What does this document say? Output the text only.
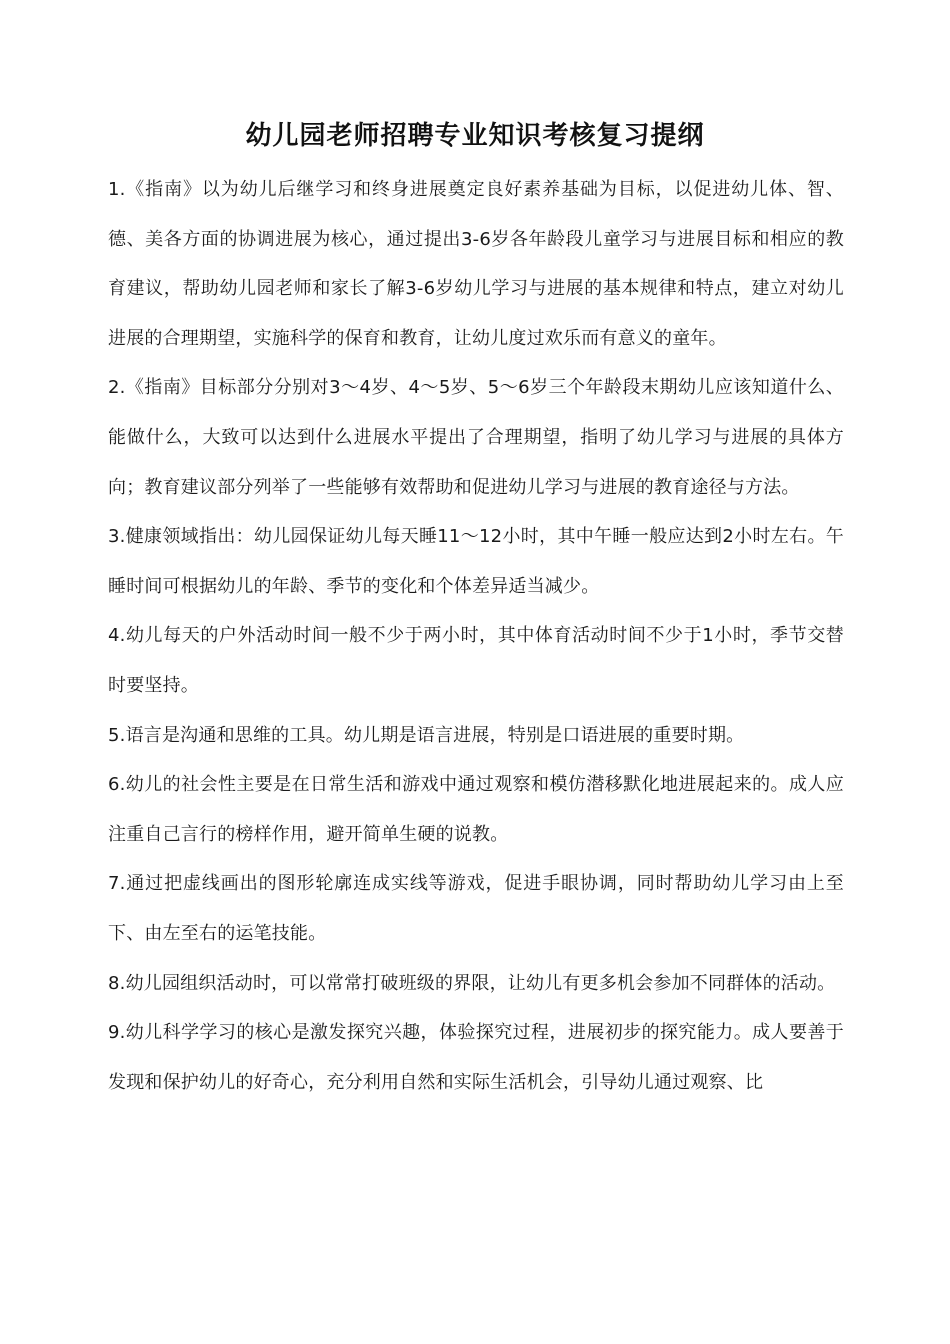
幼儿园老师招聘专业知识考核复习提纲

1.《指南》以为幼儿后继学习和终身进展奠定良好素养基础为目标，以促进幼儿体、智、德、美各方面的协调进展为核心，通过提出3-6岁各年龄段儿童学习与进展目标和相应的教育建议，帮助幼儿园老师和家长了解3-6岁幼儿学习与进展的基本规律和特点，建立对幼儿进展的合理期望，实施科学的保育和教育，让幼儿度过欢乐而有意义的童年。

2.《指南》目标部分分别对3～4岁、4～5岁、5～6岁三个年龄段末期幼儿应该知道什么、能做什么，大致可以达到什么进展水平提出了合理期望，指明了幼儿学习与进展的具体方向；教育建议部分列举了一些能够有效帮助和促进幼儿学习与进展的教育途径与方法。

3.健康领域指出：幼儿园保证幼儿每天睡11～12小时，其中午睡一般应达到2小时左右。午睡时间可根据幼儿的年龄、季节的变化和个体差异适当减少。

4.幼儿每天的户外活动时间一般不少于两小时，其中体育活动时间不少于1小时，季节交替时要坚持。

5.语言是沟通和思维的工具。幼儿期是语言进展，特别是口语进展的重要时期。

6.幼儿的社会性主要是在日常生活和游戏中通过观察和模仿潜移默化地进展起来的。成人应注重自己言行的榜样作用，避开简单生硬的说教。

7.通过把虚线画出的图形轮廓连成实线等游戏，促进手眼协调，同时帮助幼儿学习由上至下、由左至右的运笔技能。

8.幼儿园组织活动时，可以常常打破班级的界限，让幼儿有更多机会参加不同群体的活动。

9.幼儿科学学习的核心是激发探究兴趣，体验探究过程，进展初步的探究能力。成人要善于发现和保护幼儿的好奇心，充分利用自然和实际生活机会，引导幼儿通过观察、比
